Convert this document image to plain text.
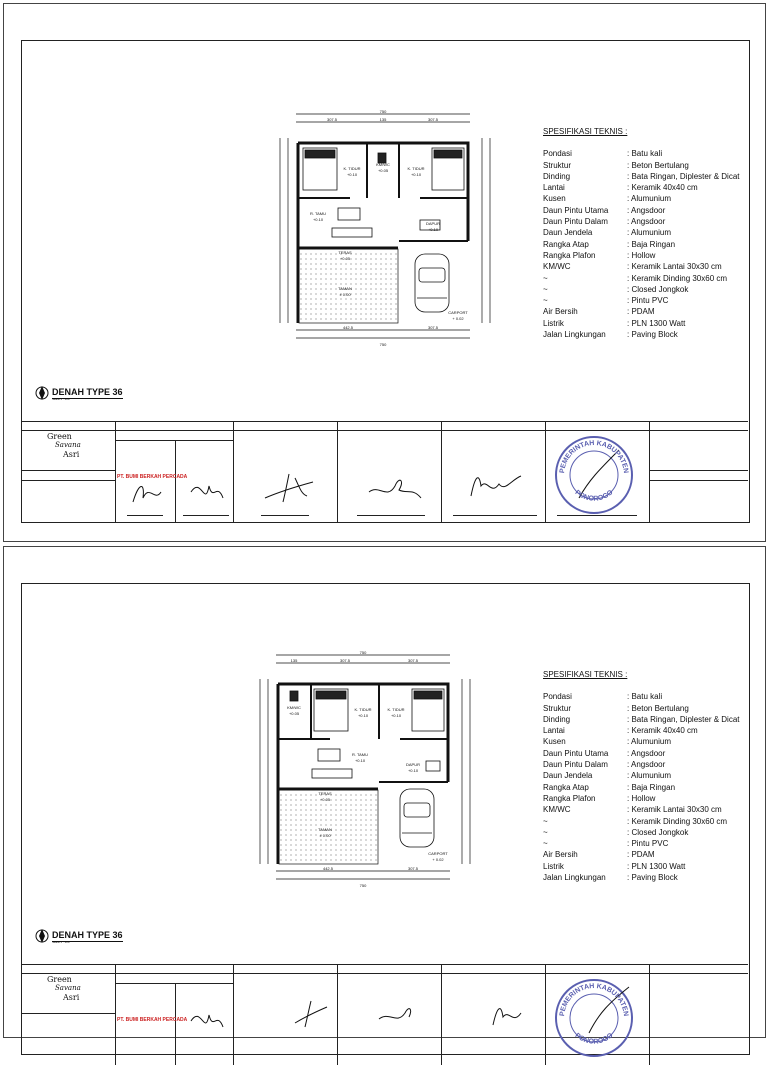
750
307.5	135	307.5
442.5	307.5
750
K. TIDUR
+0.10
KM/WC
+0.05	K. TIDUR
+0.10
R. TAMU
+0.10
DAPUR
+0.10
TERAS
+0.05
TAMAN
± 0.00
CARPORT
+ 0.02
SPESIFIKASI TEKNIS :
Pondasi	: Batu kali
Struktur	: Beton Bertulang
Dinding	: Bata Ringan, Diplester & Dicat
Lantai	: Keramik 40x40 cm
Kusen	: Alumunium
Daun Pintu Utama	: Angsdoor
Daun Pintu Dalam	: Angsdoor
Daun Jendela	: Alumunium
Rangka Atap	: Baja Ringan
Rangka Plafon	: Hollow
KM/WC	: Keramik Lantai 30x30 cm
~	: Keramik Dinding 30x60 cm
~	: Closed Jongkok
~	: Pintu PVC
Air Bersih	: PDAM
Listrik	: PLN 1300 Watt
Jalan Lingkungan	: Paving Block
DENAH TYPE 36
Skala 1 : 100
Green
Savana
Asri
PT. BUMI BERKAH PERCADA
PEMERINTAH KABUPATEN
PONOROGO
750
135	307.5	307.5
442.5	307.5
750
KM/WC
+0.05
K. TIDUR
+0.10
K. TIDUR
+0.10
R. TAMU
+0.10
DAPUR
+0.10
TERAS
+0.05
TAMAN
± 0.00
CARPORT
+ 0.02
SPESIFIKASI TEKNIS :
Pondasi	: Batu kali
Struktur	: Beton Bertulang
Dinding	: Bata Ringan, Diplester & Dicat
Lantai	: Keramik 40x40 cm
Kusen	: Alumunium
Daun Pintu Utama	: Angsdoor
Daun Pintu Dalam	: Angsdoor
Daun Jendela	: Alumunium
Rangka Atap	: Baja Ringan
Rangka Plafon	: Hollow
KM/WC	: Keramik Lantai 30x30 cm
~	: Keramik Dinding 30x60 cm
~	: Closed Jongkok
~	: Pintu PVC
Air Bersih	: PDAM
Listrik	: PLN 1300 Watt
Jalan Lingkungan	: Paving Block
DENAH TYPE 36
Skala 1 : 100
Green
Savana
Asri
PT. BUMI BERKAH PERCADA
PEMERINTAH KABUPATEN
PONOROGO
